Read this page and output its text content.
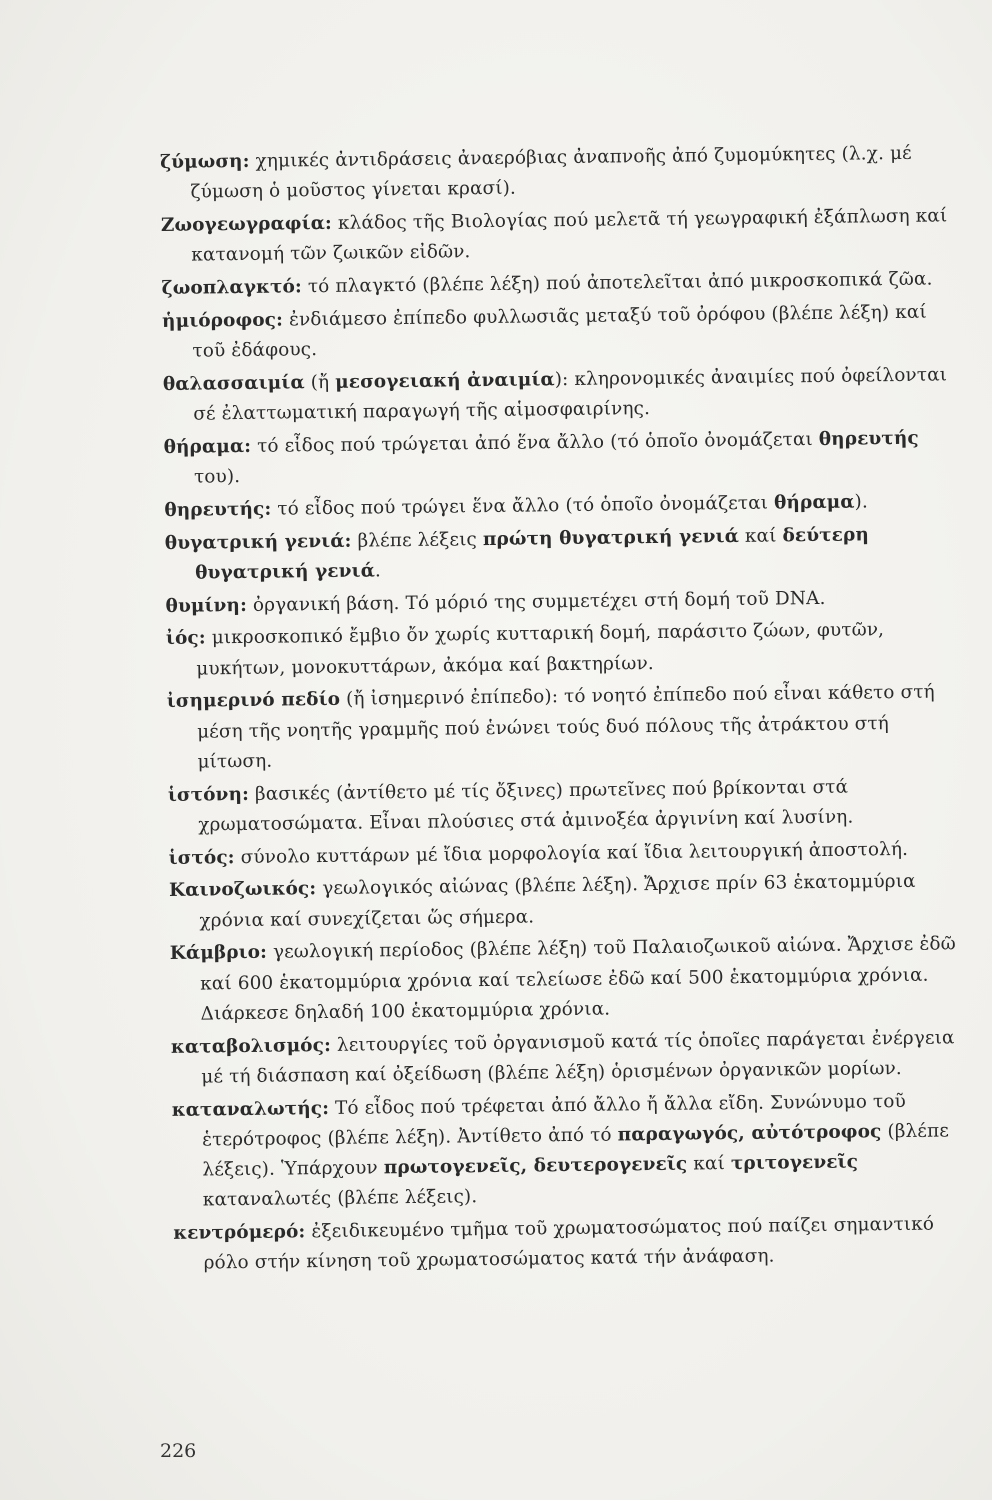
ζύμωση: χημικές ἀντιδράσεις ἀναερόβιας ἀναπνοῆς ἀπό ζυμομύκητες (λ.χ. μέ ζύμωση ὁ μοῦστος γίνεται κρασί).

Ζωογεωγραφία: κλάδος τῆς Βιολογίας πού μελετᾶ τή γεωγραφική ἐξάπλωση καί κατανομή τῶν ζωικῶν εἰδῶν.

ζωοπλαγκτό: τό πλαγκτό (βλέπε λέξη) πού ἀποτελεῖται ἀπό μικροσκοπικά ζῶα.

ἡμιόροφος: ἐνδιάμεσο ἐπίπεδο φυλλωσιᾶς μεταξύ τοῦ ὀρόφου (βλέπε λέξη) καί τοῦ ἐδάφους.

θαλασσαιμία (ἤ μεσογειακή ἀναιμία): κληρονομικές ἀναιμίες πού ὀφείλονται σέ ἐλαττωματική παραγωγή τῆς αἱμοσφαιρίνης.

θήραμα: τό εἶδος πού τρώγεται ἀπό ἕνα ἄλλο (τό ὁποῖο ὀνομάζεται θηρευτής του).

θηρευτής: τό εἶδος πού τρώγει ἕνα ἄλλο (τό ὁποῖο ὀνομάζεται θήραμα).

θυγατρική γενιά: βλέπε λέξεις πρώτη θυγατρική γενιά καί δεύτερη θυγατρική γενιά.

θυμίνη: ὀργανική βάση. Τό μόριό της συμμετέχει στή δομή τοῦ DNA.

ἰός: μικροσκοπικό ἔμβιο ὄν χωρίς κυτταρική δομή, παράσιτο ζώων, φυτῶν, μυκήτων, μονοκυττάρων, ἀκόμα καί βακτηρίων.

ἰσημερινό πεδίο (ἤ ἰσημερινό ἐπίπεδο): τό νοητό ἐπίπεδο πού εἶναι κάθετο στή μέση τῆς νοητῆς γραμμῆς πού ἑνώνει τούς δυό πόλους τῆς ἀτράκτου στή μίτωση.

ἱστόνη: βασικές (ἀντίθετο μέ τίς ὄξινες) πρωτεῖνες πού βρίκονται στά χρωματοσώματα. Εἶναι πλούσιες στά ἀμινοξέα ἀργινίνη καί λυσίνη.

ἱστός: σύνολο κυττάρων μέ ἴδια μορφολογία καί ἴδια λειτουργική ἀποστολή.

Καινοζωικός: γεωλογικός αἰώνας (βλέπε λέξη). Ἄρχισε πρίν 63 ἑκατομμύρια χρόνια καί συνεχίζεται ὥς σήμερα.

Κάμβριο: γεωλογική περίοδος (βλέπε λέξη) τοῦ Παλαιοζωικοῦ αἰώνα. Ἄρχισε ἐδῶ καί 600 ἑκατομμύρια χρόνια καί τελείωσε ἐδῶ καί 500 ἑκατομμύρια χρόνια. Διάρκεσε δηλαδή 100 ἑκατομμύρια χρόνια.

καταβολισμός: λειτουργίες τοῦ ὀργανισμοῦ κατά τίς ὁποῖες παράγεται ἐνέργεια μέ τή διάσπαση καί ὀξείδωση (βλέπε λέξη) ὁρισμένων ὀργανικῶν μορίων.

καταναλωτής: Τό εἶδος πού τρέφεται ἀπό ἄλλο ἤ ἄλλα εἴδη. Συνώνυμο τοῦ ἑτερότροφος (βλέπε λέξη). Ἀντίθετο ἀπό τό παραγωγός, αὐτότροφος (βλέπε λέξεις). Ὑπάρχουν πρωτογενεῖς, δευτερογενεῖς καί τριτογενεῖς καταναλωτές (βλέπε λέξεις).

κεντρόμερό: ἐξειδικευμένο τμῆμα τοῦ χρωματοσώματος πού παίζει σημαντικό ρόλο στήν κίνηση τοῦ χρωματοσώματος κατά τήν ἀνάφαση.

226
